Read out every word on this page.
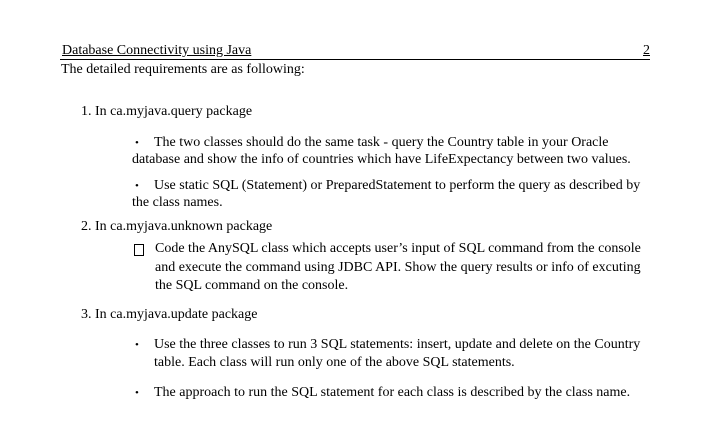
Database Connectivity using Java	2
The detailed requirements are as following:
1. In ca.myjava.query package
• The two classes should do the same task - query the Country table in your Oracle
database and show the info of countries which have LifeExpectancy between two values.
• Use static SQL (Statement) or PreparedStatement to perform the query as described by
the class names.
2. In ca.myjava.unknown package
Code the AnySQL class which accepts user’s input of SQL command from the console
and execute the command using JDBC API. Show the query results or info of excuting
the SQL command on the console.
3. In ca.myjava.update package
• Use the three classes to run 3 SQL statements: insert, update and delete on the Country
table. Each class will run only one of the above SQL statements.
• The approach to run the SQL statement for each class is described by the class name.
